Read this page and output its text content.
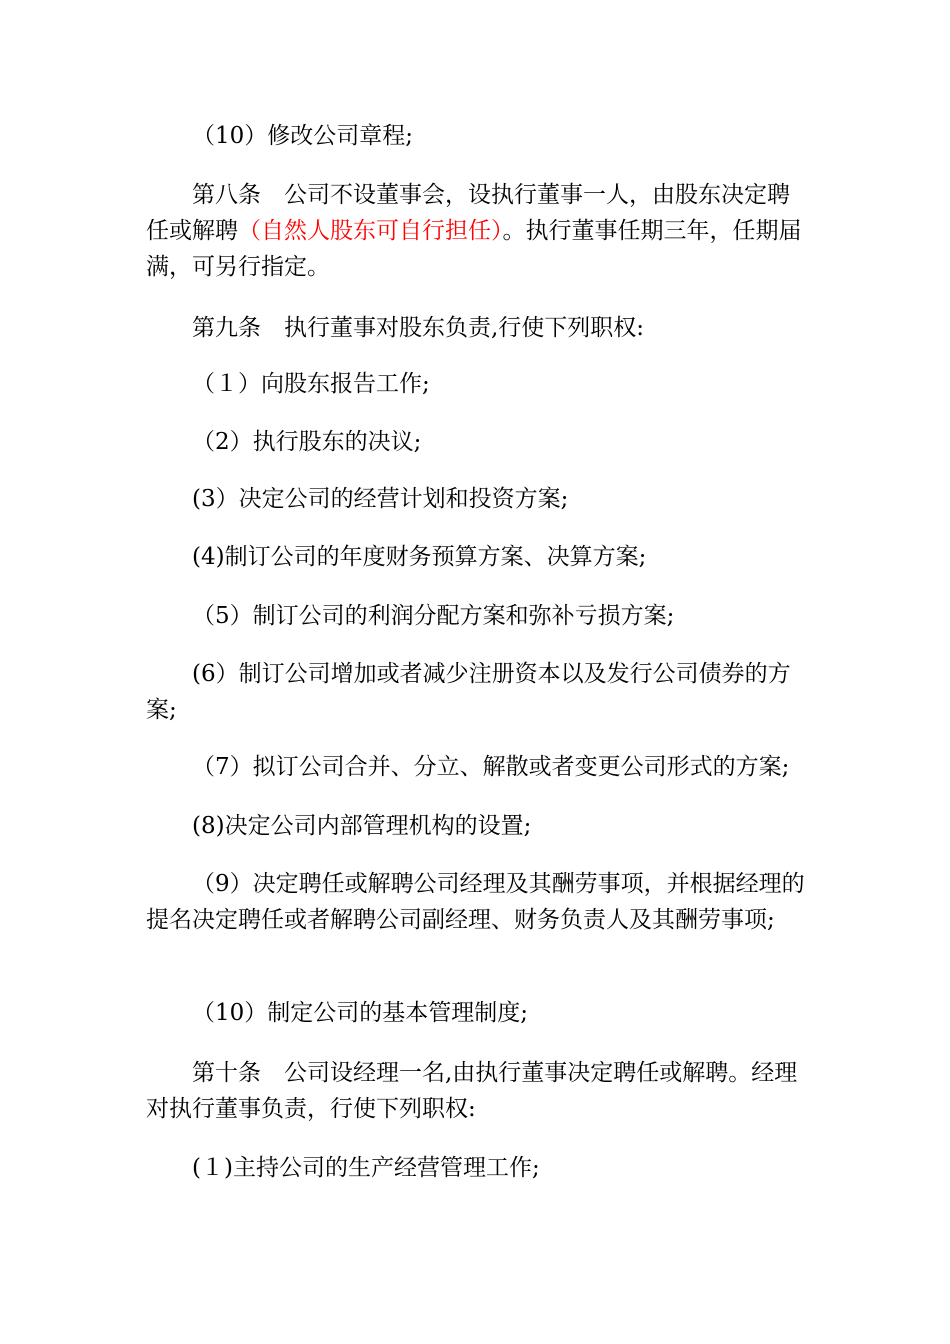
（10）修改公司章程;
第八条　公司不设董事会，设执行董事一人，由股东决定聘任或解聘（自然人股东可自行担任）。执行董事任期三年，任期届满，可另行指定。
第九条　执行董事对股东负责,行使下列职权:
（１）向股东报告工作;
（2）执行股东的决议;
(3）决定公司的经营计划和投资方案;
(4)制订公司的年度财务预算方案、决算方案;
（5）制订公司的利润分配方案和弥补亏损方案;
(6）制订公司增加或者减少注册资本以及发行公司债券的方案;
（7）拟订公司合并、分立、解散或者变更公司形式的方案;
(8)决定公司内部管理机构的设置;
（9）决定聘任或解聘公司经理及其酬劳事项，并根据经理的提名决定聘任或者解聘公司副经理、财务负责人及其酬劳事项;
（10）制定公司的基本管理制度;
第十条　公司设经理一名,由执行董事决定聘任或解聘。经理对执行董事负责，行使下列职权:
(１)主持公司的生产经营管理工作;
